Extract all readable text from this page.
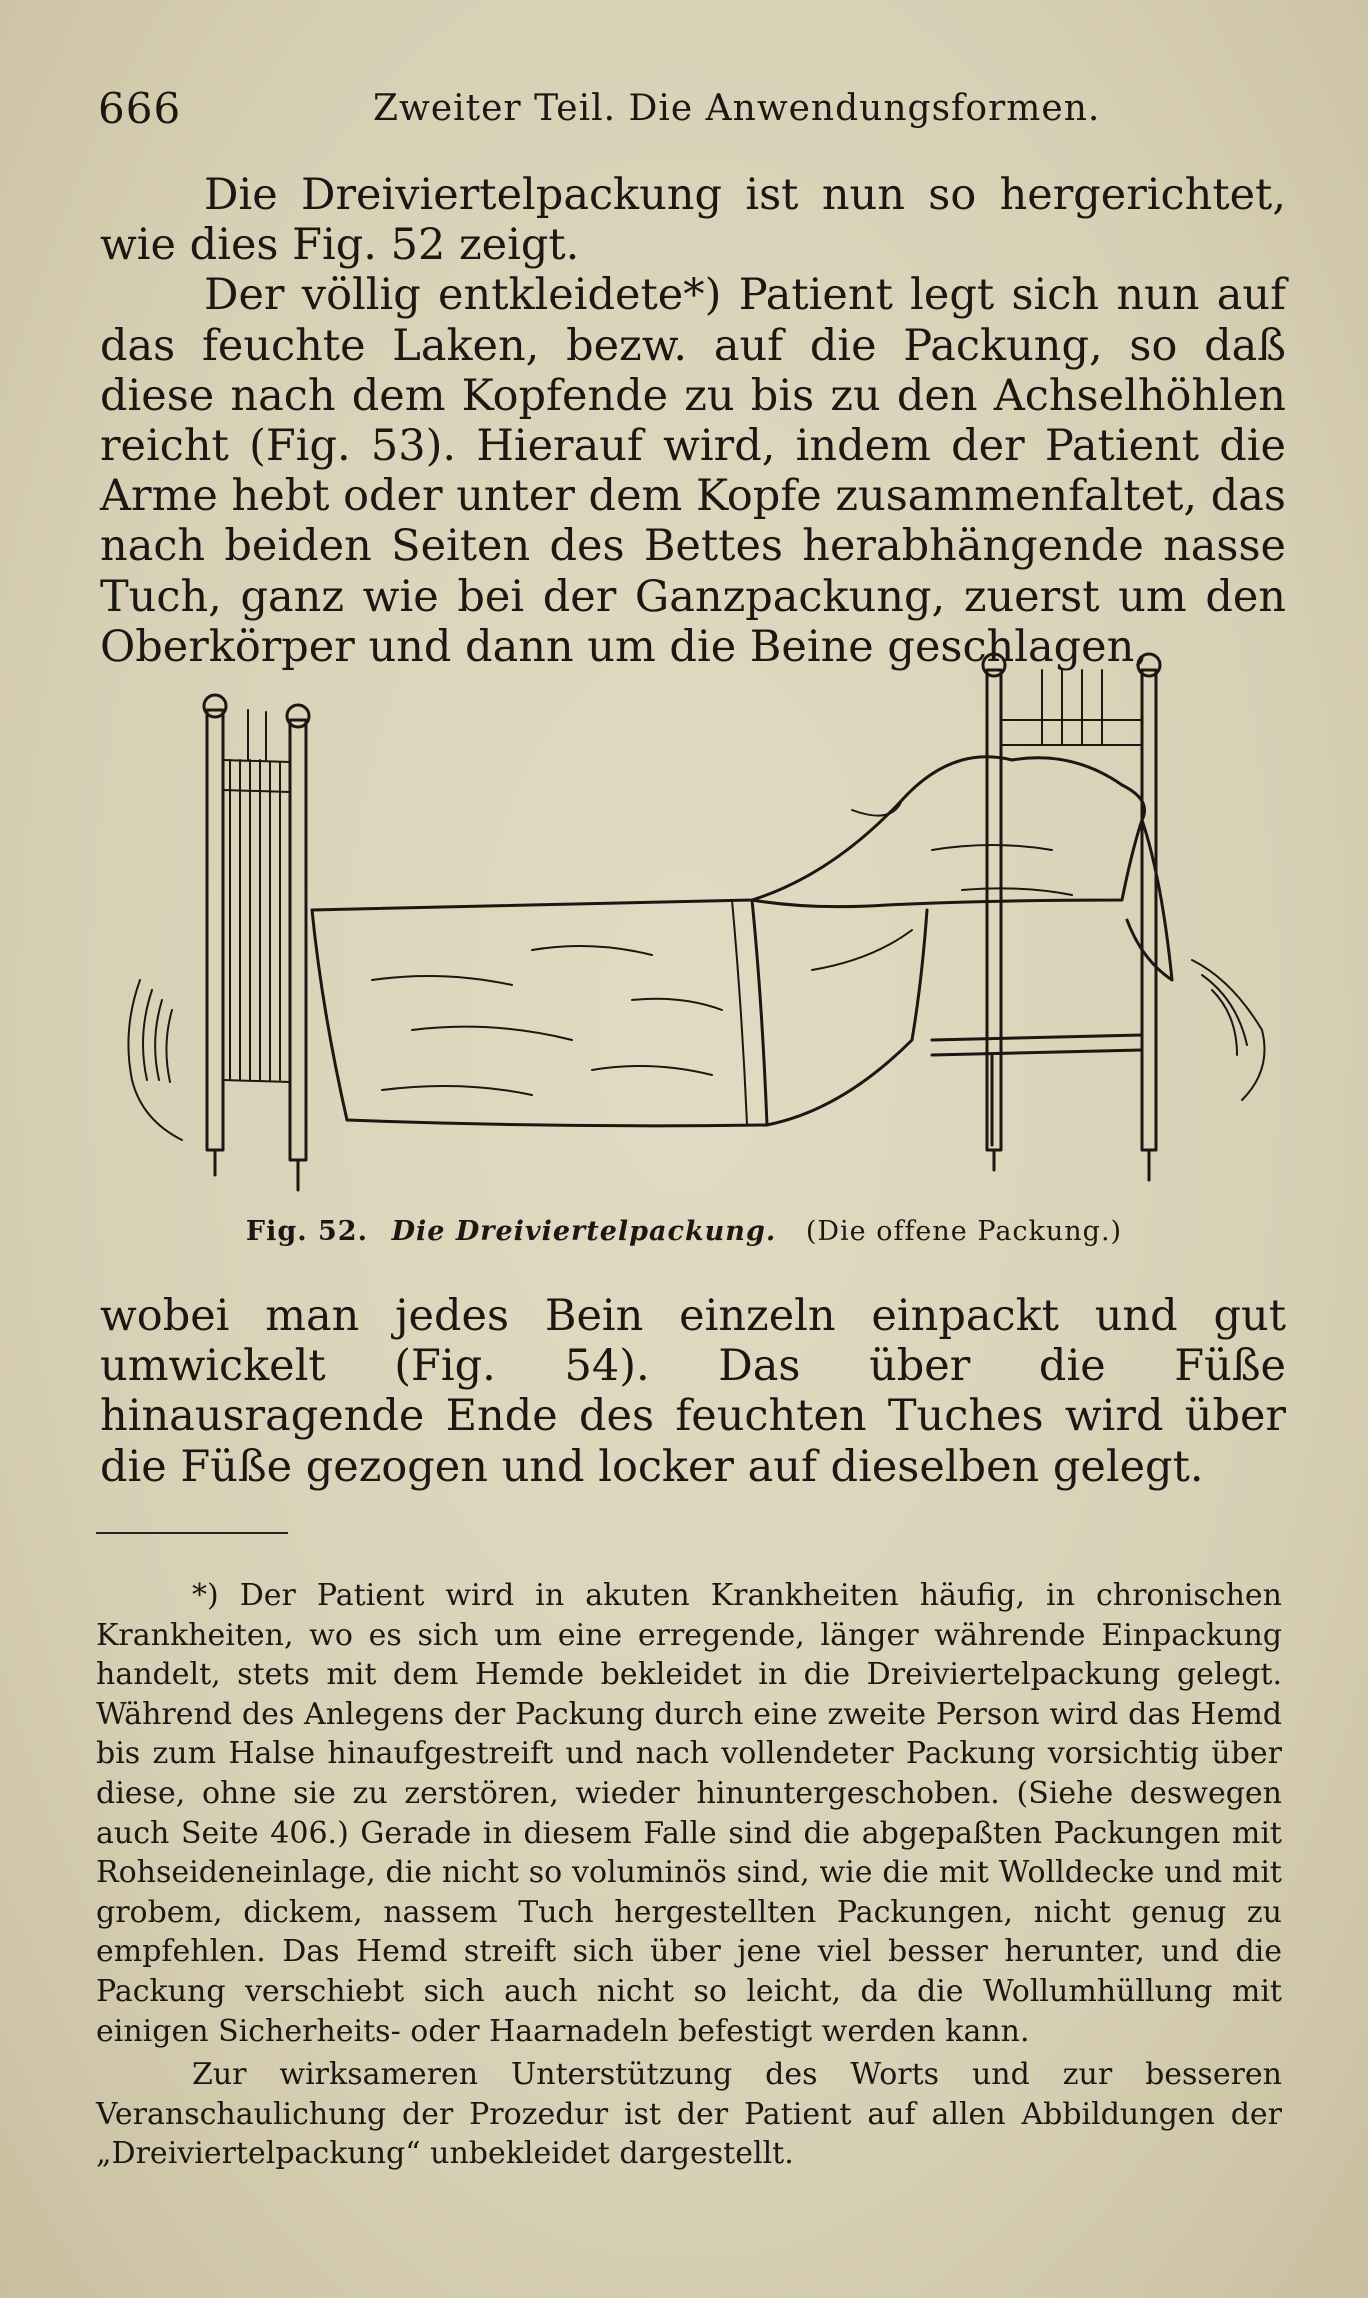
666	Zweiter Teil. Die Anwendungsformen.

Die Dreiviertelpackung ist nun so hergerichtet, wie dies Fig. 52 zeigt.

Der völlig entkleidete*) Patient legt sich nun auf das feuchte Laken, bezw. auf die Packung, so daß diese nach dem Kopfende zu bis zu den Achselhöhlen reicht (Fig. 53). Hierauf wird, indem der Patient die Arme hebt oder unter dem Kopfe zusammenfaltet, das nach beiden Seiten des Bettes herabhängende nasse Tuch, ganz wie bei der Ganzpackung, zuerst um den Oberkörper und dann um die Beine geschlagen,

Fig. 52. Die Dreiviertelpackung. (Die offene Packung.)

wobei man jedes Bein einzeln einpackt und gut umwickelt (Fig. 54). Das über die Füße hinausragende Ende des feuchten Tuches wird über die Füße gezogen und locker auf dieselben gelegt.

*) Der Patient wird in akuten Krankheiten häufig, in chronischen Krankheiten, wo es sich um eine erregende, länger währende Einpackung handelt, stets mit dem Hemde bekleidet in die Dreiviertelpackung gelegt. Während des Anlegens der Packung durch eine zweite Person wird das Hemd bis zum Halse hinaufgestreift und nach vollendeter Packung vorsichtig über diese, ohne sie zu zerstören, wieder hinuntergeschoben. (Siehe deswegen auch Seite 406.) Gerade in diesem Falle sind die abgepaßten Packungen mit Rohseideneinlage, die nicht so voluminös sind, wie die mit Wolldecke und mit grobem, dickem, nassem Tuch hergestellten Packungen, nicht genug zu empfehlen. Das Hemd streift sich über jene viel besser herunter, und die Packung verschiebt sich auch nicht so leicht, da die Wollumhüllung mit einigen Sicherheits- oder Haarnadeln befestigt werden kann.

Zur wirksameren Unterstützung des Worts und zur besseren Veranschaulichung der Prozedur ist der Patient auf allen Abbildungen der „Dreiviertelpackung“ unbekleidet dargestellt.
